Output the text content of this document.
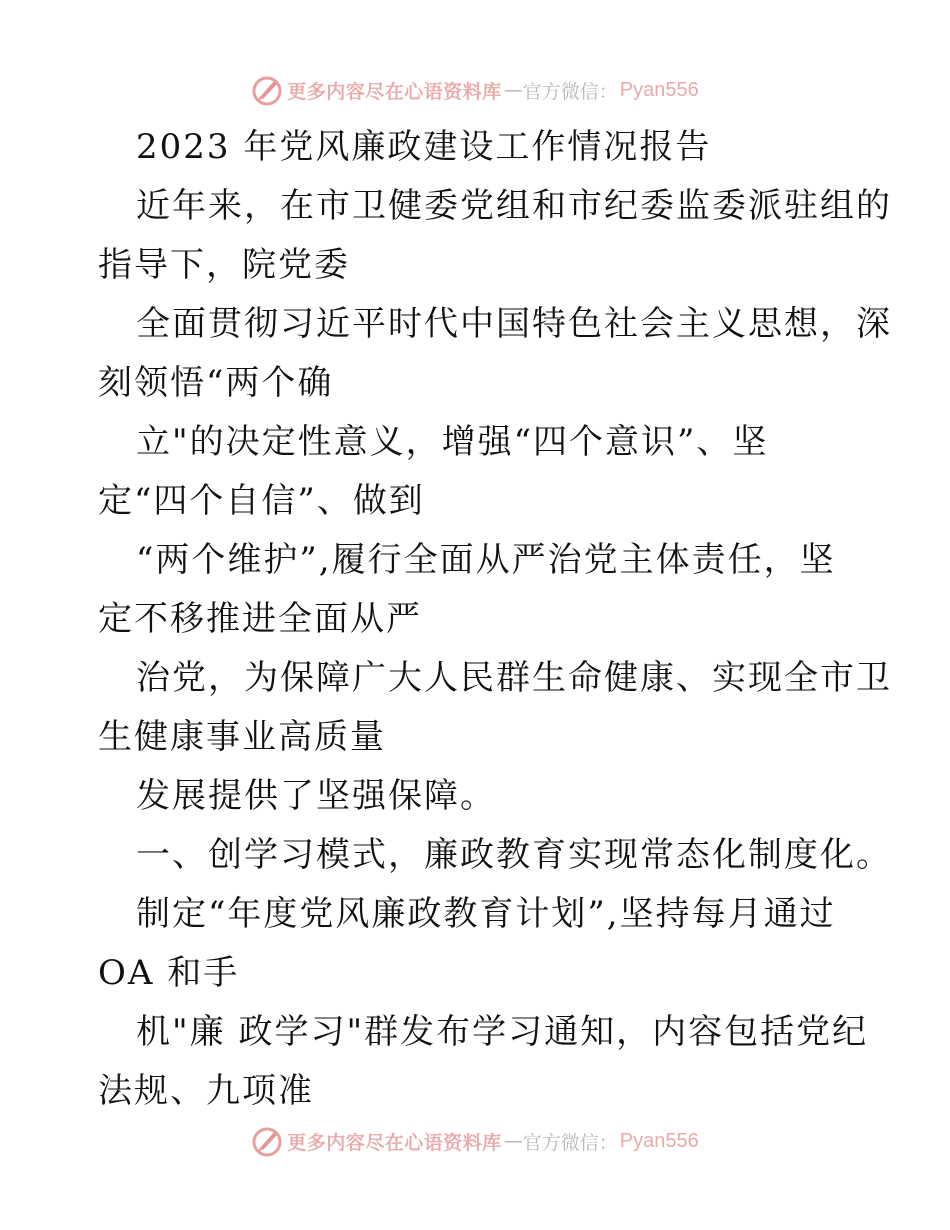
更多内容尽在心语资料库 — 官方微信： Pyan556
2023 年党风廉政建设工作情况报告
近年来，在市卫健委党组和市纪委监委派驻组的
指导下，院党委
全面贯彻习近平时代中国特色社会主义思想，深
刻领悟“两个确
立"的决定性意义，增强“四个意识”、坚
定“四个自信”、做到
“两个维护”,履行全面从严治党主体责任，坚
定不移推进全面从严
治党，为保障广大人民群生命健康、实现全市卫
生健康事业高质量
发展提供了坚强保障。
一、创学习模式，廉政教育实现常态化制度化。
制定“年度党风廉政教育计划”,坚持每月通过
OA 和手
机"廉 政学习"群发布学习通知，内容包括党纪
法规、九项准
更多内容尽在心语资料库 — 官方微信： Pyan556
